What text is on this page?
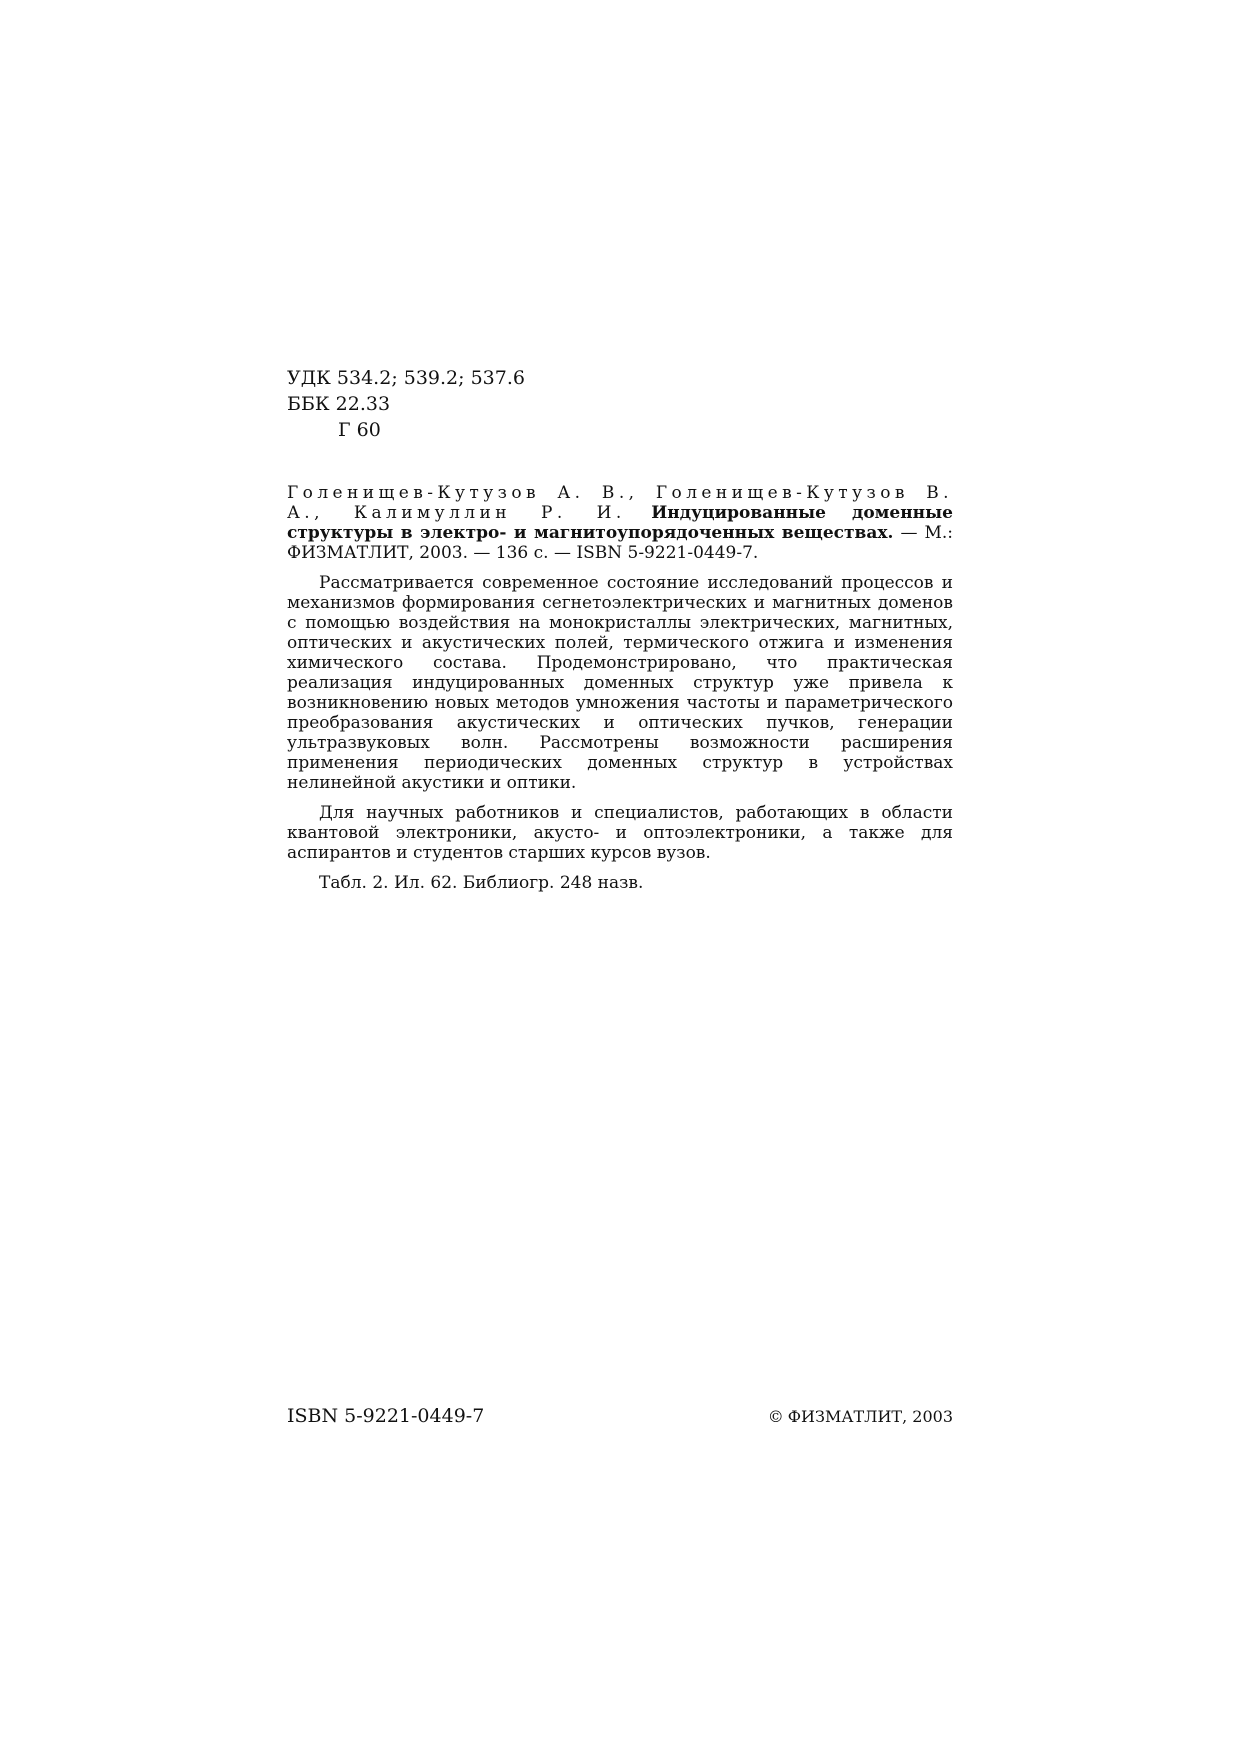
УДК 534.2; 539.2; 537.6
ББК 22.33
Г 60

Голенищев-Кутузов А. В., Голенищев-Кутузов В. А., Калимуллин Р. И. Индуцированные доменные структуры в электро- и магнитоупорядоченных веществах. — М.: ФИЗМАТЛИТ, 2003. — 136 с. — ISBN 5-9221-0449-7.

Рассматривается современное состояние исследований процессов и механизмов формирования сегнетоэлектрических и магнитных доменов с помощью воздействия на монокристаллы электрических, магнитных, оптических и акустических полей, термического отжига и изменения химического состава. Продемонстрировано, что практическая реализация индуцированных доменных структур уже привела к возникновению новых методов умножения частоты и параметрического преобразования акустических и оптических пучков, генерации ультразвуковых волн. Рассмотрены возможности расширения применения периодических доменных структур в устройствах нелинейной акустики и оптики.

Для научных работников и специалистов, работающих в области квантовой электроники, акусто- и оптоэлектроники, а также для аспирантов и студентов старших курсов вузов.

Табл. 2. Ил. 62. Библиогр. 248 назв.

ISBN 5-9221-0449-7	© ФИЗМАТЛИТ, 2003
